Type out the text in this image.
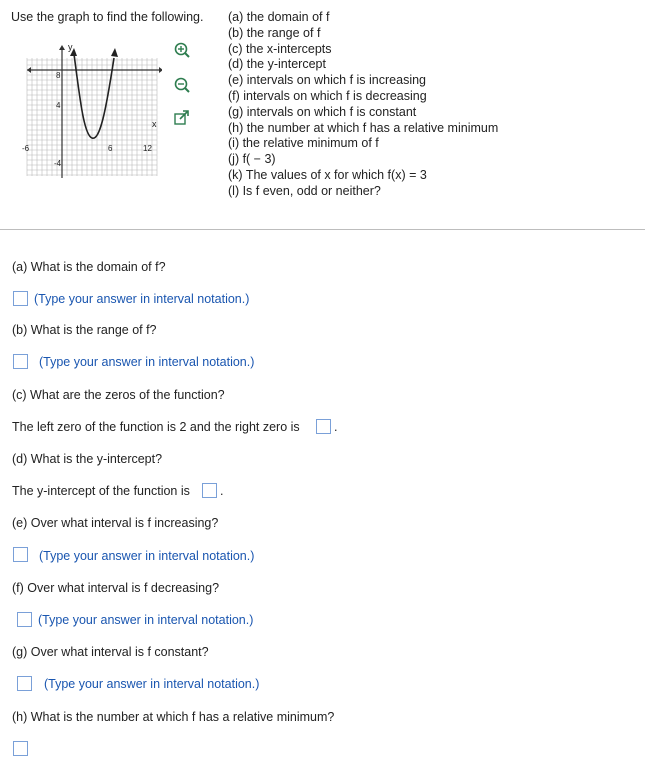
Use the graph to find the following.
y
x
8
4
-4
-6	6	12
(a) the domain of f
(b) the range of f
(c) the x-intercepts
(d) the y-intercept
(e) intervals on which f is increasing
(f) intervals on which f is decreasing
(g) intervals on which f is constant
(h) the number at which f has a relative minimum
(i) the relative minimum of f
(j) f( − 3)
(k) The values of x for which f(x) = 3
(l) Is f even, odd or neither?
(a) What is the domain of f?
(Type your answer in interval notation.)
(b) What is the range of f?
(Type your answer in interval notation.)
(c) What are the zeros of the function?
The left zero of the function is 2 and the right zero is	.
(d) What is the y-intercept?
The y-intercept of the function is .
(e) Over what interval is f increasing?
(Type your answer in interval notation.)
(f) Over what interval is f decreasing?
(Type your answer in interval notation.)
(g) Over what interval is f constant?
(Type your answer in interval notation.)
(h) What is the number at which f has a relative minimum?
